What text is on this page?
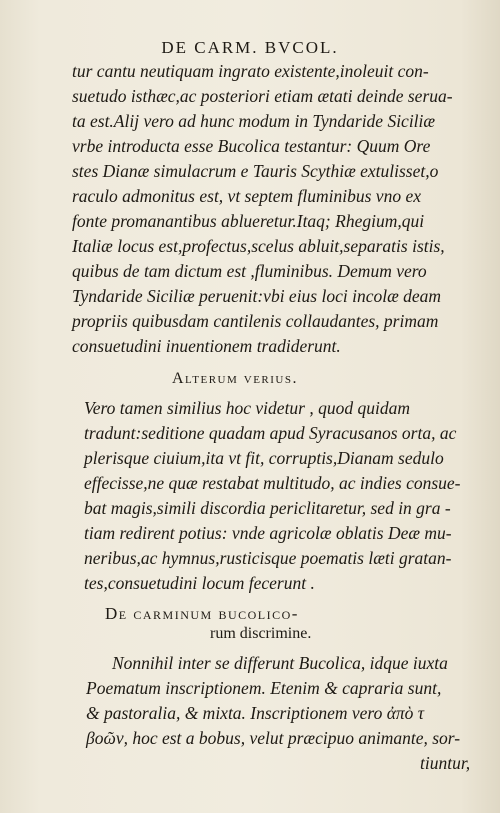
DE CARM. BVCOL.
tur cantu neutiquam ingrato existente,inoleuit con-
suetudo isthæc,ac posteriori etiam ætati deinde serua-
ta est.Alij vero ad hunc modum in Tyndaride Siciliæ
vrbe introducta esse Bucolica testantur: Quum Ore
stes Dianæ simulacrum e Tauris Scythiæ extulisset,o
raculo admonitus est, vt septem fluminibus vno ex
fonte promanantibus ablueretur.Itaq; Rhegium,qui
Italiæ locus est,profectus,scelus abluit,separatis istis,
quibus de tam dictum est ,fluminibus. Demum vero
Tyndaride Siciliæ peruenit:vbi eius loci incolæ deam
propriis quibusdam cantilenis collaudantes, primam
consuetudini inuentionem tradiderunt.
Alterum verius.
Vero tamen similius hoc videtur , quod quidam
tradunt:seditione quadam apud Syracusanos orta, ac
plerisque ciuium,ita vt fit, corruptis,Dianam sedulo
effecisse,ne quæ restabat multitudo, ac indies consue-
bat magis,simili discordia periclitaretur, sed in gra -
tiam redirent potius: vnde agricolæ oblatis Deæ mu-
neribus,ac hymnus,rusticisque poematis læti gratan-
tes,consuetudini locum fecerunt .
De carminum bucolico-
rum discrimine.
Nonnihil inter se differunt Bucolica, idque iuxta
Poematum inscriptionem. Etenim & capraria sunt,
& pastoralia, & mixta. Inscriptionem vero ἀπὸ τ
βοῶν, hoc est a bobus, velut præcipuo animante, sor-
tiuntur,
